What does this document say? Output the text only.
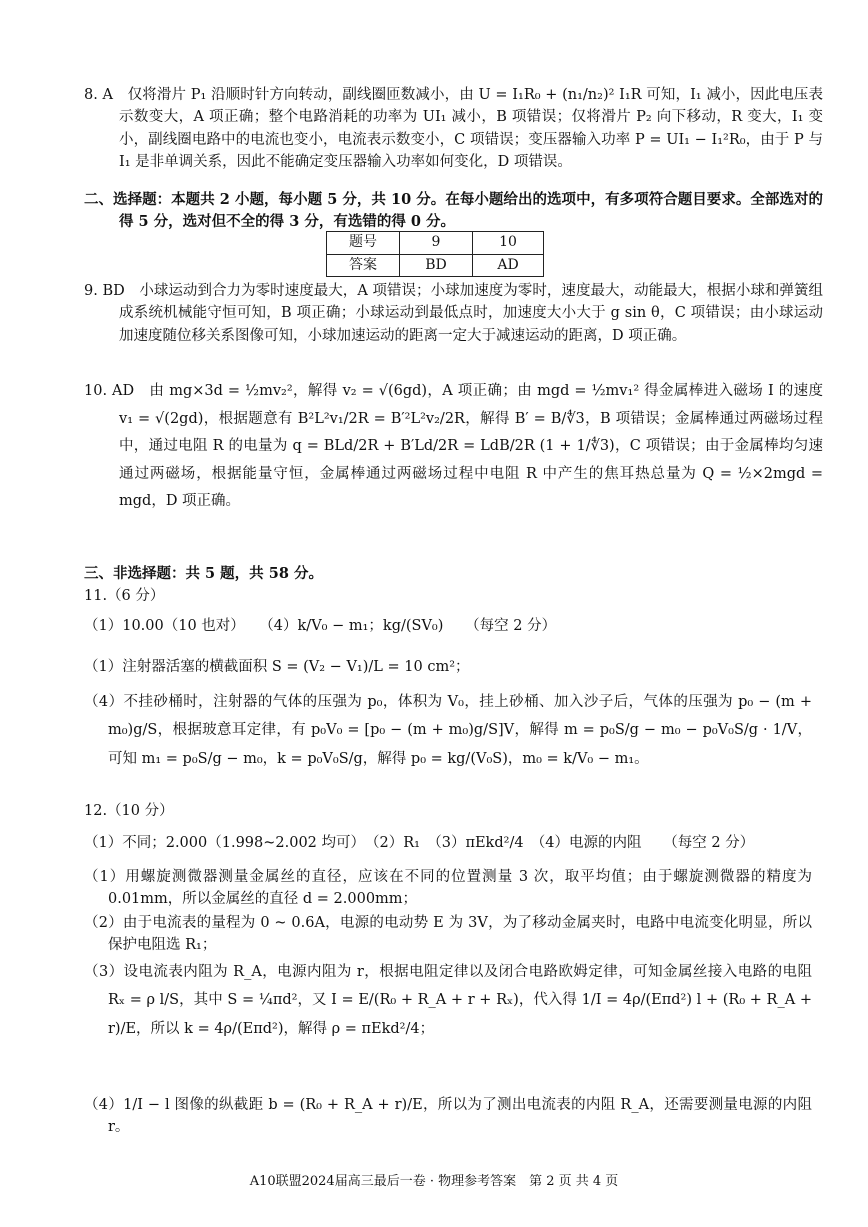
8. A　仅将滑片 P₁ 沿顺时针方向转动，副线圈匝数减小，由 U = I₁R₀ + (n₁/n₂)² I₁R 可知，I₁ 减小，因此电压表示数变大，A 项正确；整个电路消耗的功率为 UI₁ 减小，B 项错误；仅将滑片 P₂ 向下移动，R 变大，I₁ 变小，副线圈电路中的电流也变小，电流表示数变小，C 项错误；变压器输入功率 P = UI₁ − I₁²R₀，由于 P 与 I₁ 是非单调关系，因此不能确定变压器输入功率如何变化，D 项错误。
二、选择题：本题共 2 小题，每小题 5 分，共 10 分。在每小题给出的选项中，有多项符合题目要求。全部选对的得 5 分，选对但不全的得 3 分，有选错的得 0 分。
题号	9	10
答案	BD	AD
9. BD　小球运动到合力为零时速度最大，A 项错误；小球加速度为零时，速度最大，动能最大，根据小球和弹簧组成系统机械能守恒可知，B 项正确；小球运动到最低点时，加速度大小大于 g sin θ，C 项错误；由小球运动加速度随位移关系图像可知，小球加速运动的距离一定大于减速运动的距离，D 项正确。
10. AD　由 mg×3d = ½mv₂²，解得 v₂ = √(6gd)，A 项正确；由 mgd = ½mv₁² 得金属棒进入磁场 I 的速度 v₁ = √(2gd)，根据题意有 B²L²v₁/2R = B′²L²v₂/2R，解得 B′ = B/∜3，B 项错误；金属棒通过两磁场过程中，通过电阻 R 的电量为 q = BLd/2R + B′Ld/2R = LdB/2R (1 + 1/∜3)，C 项错误；由于金属棒均匀速通过两磁场，根据能量守恒，金属棒通过两磁场过程中电阻 R 中产生的焦耳热总量为 Q = ½×2mgd = mgd，D 项正确。
三、非选择题：共 5 题，共 58 分。
11.（6 分）
（1）10.00（10 也对）　　（4）k/V₀ − m₁；kg/(SV₀)　　（每空 2 分）
（1）注射器活塞的横截面积 S = (V₂ − V₁)/L = 10 cm²；
（4）不挂砂桶时，注射器的气体的压强为 p₀，体积为 V₀，挂上砂桶、加入沙子后，气体的压强为 p₀ − (m + m₀)g/S，根据玻意耳定律，有 p₀V₀ = [p₀ − (m + m₀)g/S]V，解得 m = p₀S/g − m₀ − p₀V₀S/g · 1/V，可知 m₁ = p₀S/g − m₀，k = p₀V₀S/g，解得 p₀ = kg/(V₀S)，m₀ = k/V₀ − m₁。
12.（10 分）
（1）不同；2.000（1.998~2.002 均可）　（2）R₁　（3）πEkd²/4　（4）电源的内阻　　（每空 2 分）
（1）用螺旋测微器测量金属丝的直径，应该在不同的位置测量 3 次，取平均值；由于螺旋测微器的精度为 0.01mm，所以金属丝的直径 d = 2.000mm；
（2）由于电流表的量程为 0 ~ 0.6A，电源的电动势 E 为 3V，为了移动金属夹时，电路中电流变化明显，所以保护电阻选 R₁；
（3）设电流表内阻为 R_A，电源内阻为 r，根据电阻定律以及闭合电路欧姆定律，可知金属丝接入电路的电阻 Rₓ = ρ l/S，其中 S = ¼πd²，又 I = E/(R₀ + R_A + r + Rₓ)，代入得 1/I = 4ρ/(Eπd²) l + (R₀ + R_A + r)/E，所以 k = 4ρ/(Eπd²)，解得 ρ = πEkd²/4；
（4）1/I − l 图像的纵截距 b = (R₀ + R_A + r)/E，所以为了测出电流表的内阻 R_A，还需要测量电源的内阻 r。
A10联盟2024届高三最后一卷 · 物理参考答案　第 2 页 共 4 页
